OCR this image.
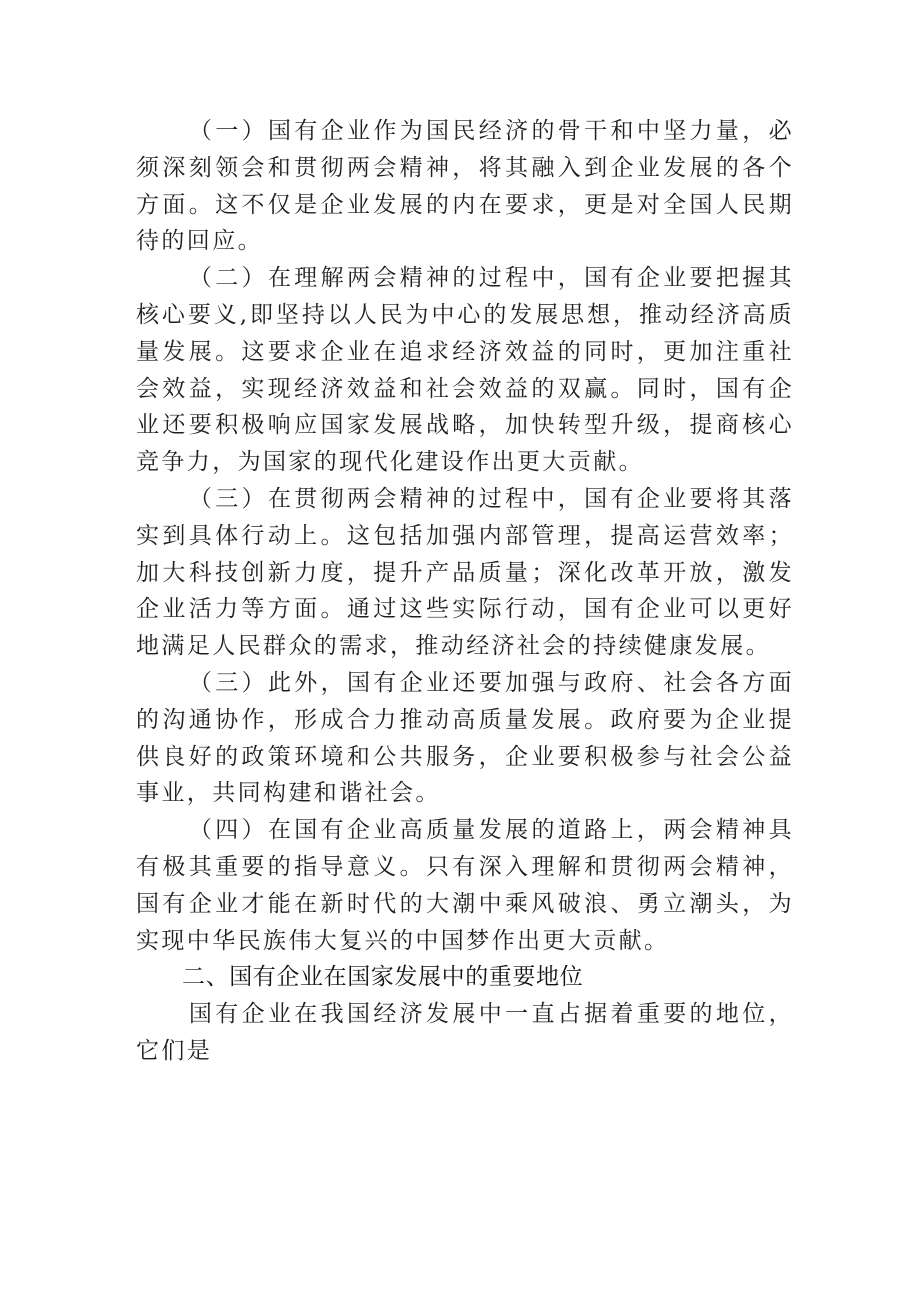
（一）国有企业作为国民经济的骨干和中坚力量，必须深刻领会和贯彻两会精神，将其融入到企业发展的各个方面。这不仅是企业发展的内在要求，更是对全国人民期待的回应。

（二）在理解两会精神的过程中，国有企业要把握其核心要义,即坚持以人民为中心的发展思想，推动经济高质量发展。这要求企业在追求经济效益的同时，更加注重社会效益，实现经济效益和社会效益的双赢。同时，国有企业还要积极响应国家发展战略，加快转型升级，提商核心竞争力，为国家的现代化建设作出更大贡献。

（三）在贯彻两会精神的过程中，国有企业要将其落实到具体行动上。这包括加强内部管理，提高运营效率；加大科技创新力度，提升产品质量；深化改革开放，激发企业活力等方面。通过这些实际行动，国有企业可以更好地满足人民群众的需求，推动经济社会的持续健康发展。

（三）此外，国有企业还要加强与政府、社会各方面的沟通协作，形成合力推动高质量发展。政府要为企业提供良好的政策环境和公共服务，企业要积极参与社会公益事业，共同构建和谐社会。

（四）在国有企业高质量发展的道路上，两会精神具有极其重要的指导意义。只有深入理解和贯彻两会精神，国有企业才能在新时代的大潮中乘风破浪、勇立潮头，为实现中华民族伟大复兴的中国梦作出更大贡献。

二、国有企业在国家发展中的重要地位

国有企业在我国经济发展中一直占据着重要的地位，它们是
